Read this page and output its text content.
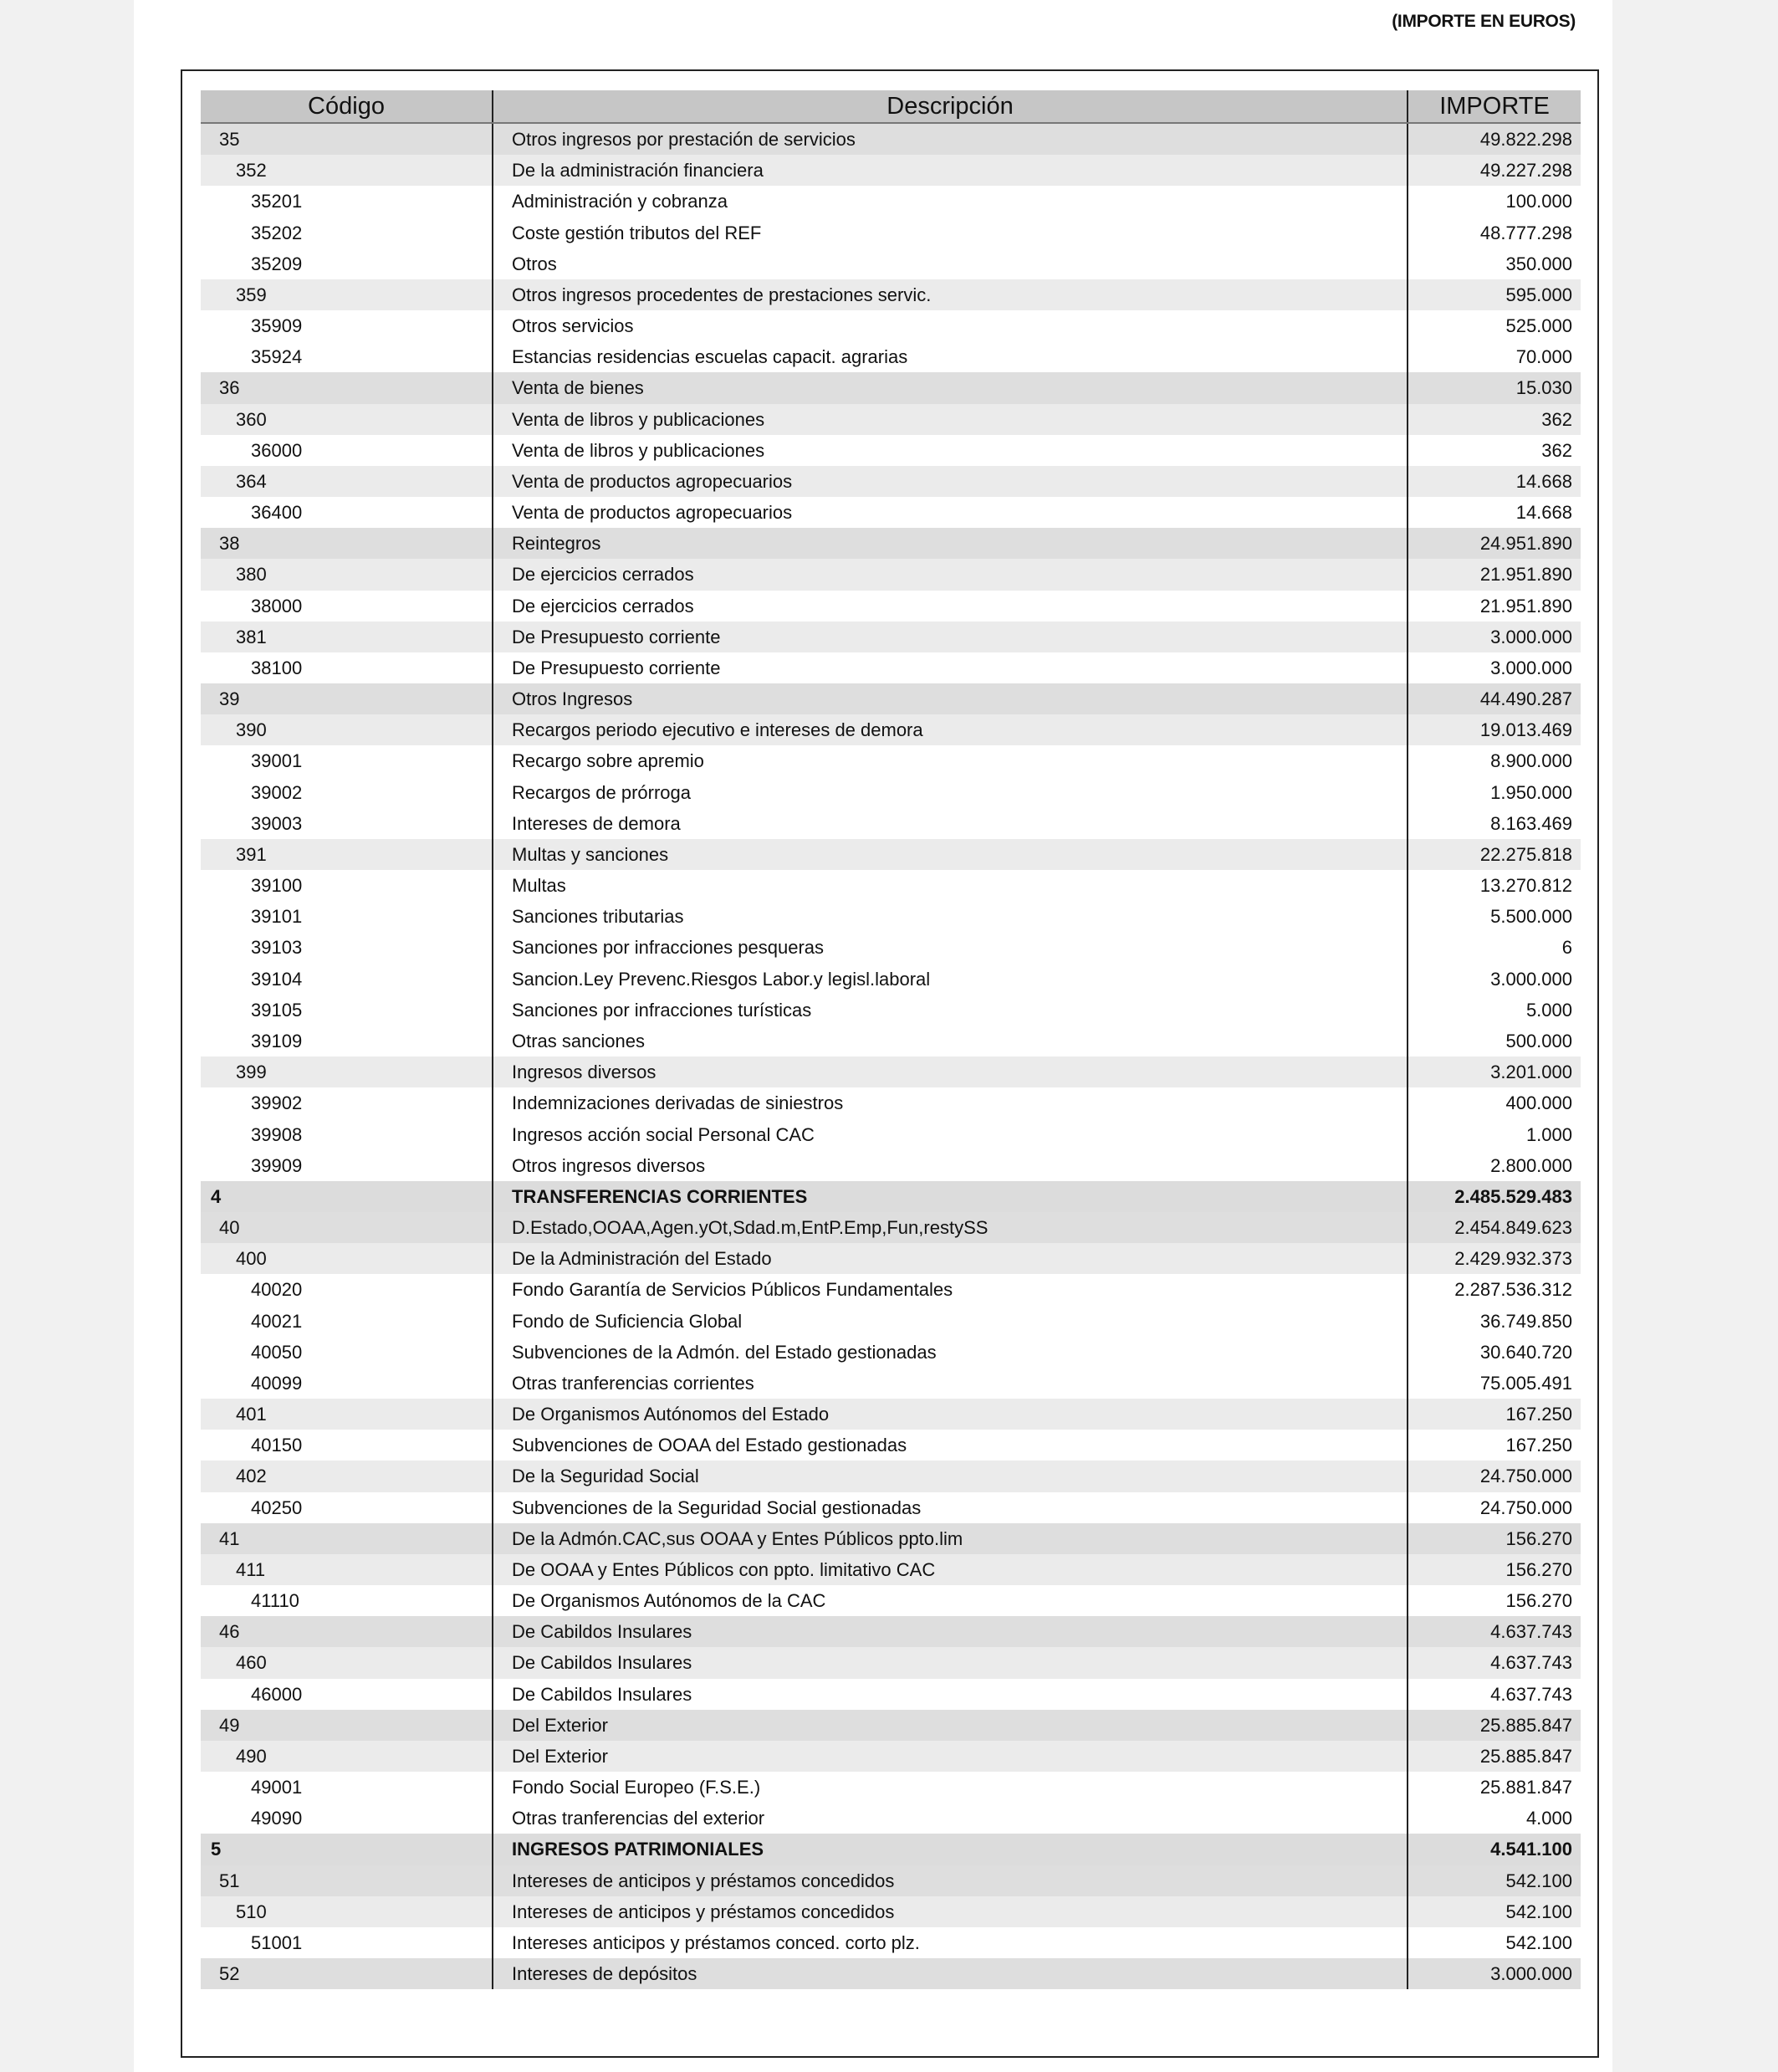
(IMPORTE EN EUROS)
Código	Descripción	IMPORTE
35	Otros ingresos por prestación de servicios	49.822.298
352	De la administración financiera	49.227.298
35201	Administración y cobranza	100.000
35202	Coste gestión tributos del REF	48.777.298
35209	Otros	350.000
359	Otros ingresos procedentes de prestaciones servic.	595.000
35909	Otros servicios	525.000
35924	Estancias residencias escuelas capacit. agrarias	70.000
36	Venta de bienes	15.030
360	Venta de libros y publicaciones	362
36000	Venta de libros y publicaciones	362
364	Venta de productos agropecuarios	14.668
36400	Venta de productos agropecuarios	14.668
38	Reintegros	24.951.890
380	De ejercicios cerrados	21.951.890
38000	De ejercicios cerrados	21.951.890
381	De Presupuesto corriente	3.000.000
38100	De Presupuesto corriente	3.000.000
39	Otros Ingresos	44.490.287
390	Recargos periodo ejecutivo e intereses de demora	19.013.469
39001	Recargo sobre apremio	8.900.000
39002	Recargos de prórroga	1.950.000
39003	Intereses de demora	8.163.469
391	Multas y sanciones	22.275.818
39100	Multas	13.270.812
39101	Sanciones tributarias	5.500.000
39103	Sanciones por infracciones pesqueras	6
39104	Sancion.Ley Prevenc.Riesgos Labor.y legisl.laboral	3.000.000
39105	Sanciones por infracciones turísticas	5.000
39109	Otras sanciones	500.000
399	Ingresos diversos	3.201.000
39902	Indemnizaciones derivadas de siniestros	400.000
39908	Ingresos acción social Personal CAC	1.000
39909	Otros ingresos diversos	2.800.000
4	TRANSFERENCIAS CORRIENTES	2.485.529.483
40	D.Estado,OOAA,Agen.yOt,Sdad.m,EntP.Emp,Fun,restySS	2.454.849.623
400	De la Administración del Estado	2.429.932.373
40020	Fondo Garantía de Servicios Públicos Fundamentales	2.287.536.312
40021	Fondo de Suficiencia Global	36.749.850
40050	Subvenciones de la Admón. del Estado gestionadas	30.640.720
40099	Otras tranferencias corrientes	75.005.491
401	De Organismos Autónomos del Estado	167.250
40150	Subvenciones de OOAA del Estado gestionadas	167.250
402	De la Seguridad Social	24.750.000
40250	Subvenciones de la Seguridad Social gestionadas	24.750.000
41	De la Admón.CAC,sus OOAA y Entes Públicos ppto.lim	156.270
411	De OOAA y Entes Públicos con ppto. limitativo CAC	156.270
41110	De Organismos Autónomos de la CAC	156.270
46	De Cabildos Insulares	4.637.743
460	De Cabildos Insulares	4.637.743
46000	De Cabildos Insulares	4.637.743
49	Del Exterior	25.885.847
490	Del Exterior	25.885.847
49001	Fondo Social Europeo (F.S.E.)	25.881.847
49090	Otras tranferencias del exterior	4.000
5	INGRESOS PATRIMONIALES	4.541.100
51	Intereses de anticipos y préstamos concedidos	542.100
510	Intereses de anticipos y préstamos concedidos	542.100
51001	Intereses anticipos y préstamos conced. corto plz.	542.100
52	Intereses de depósitos	3.000.000
